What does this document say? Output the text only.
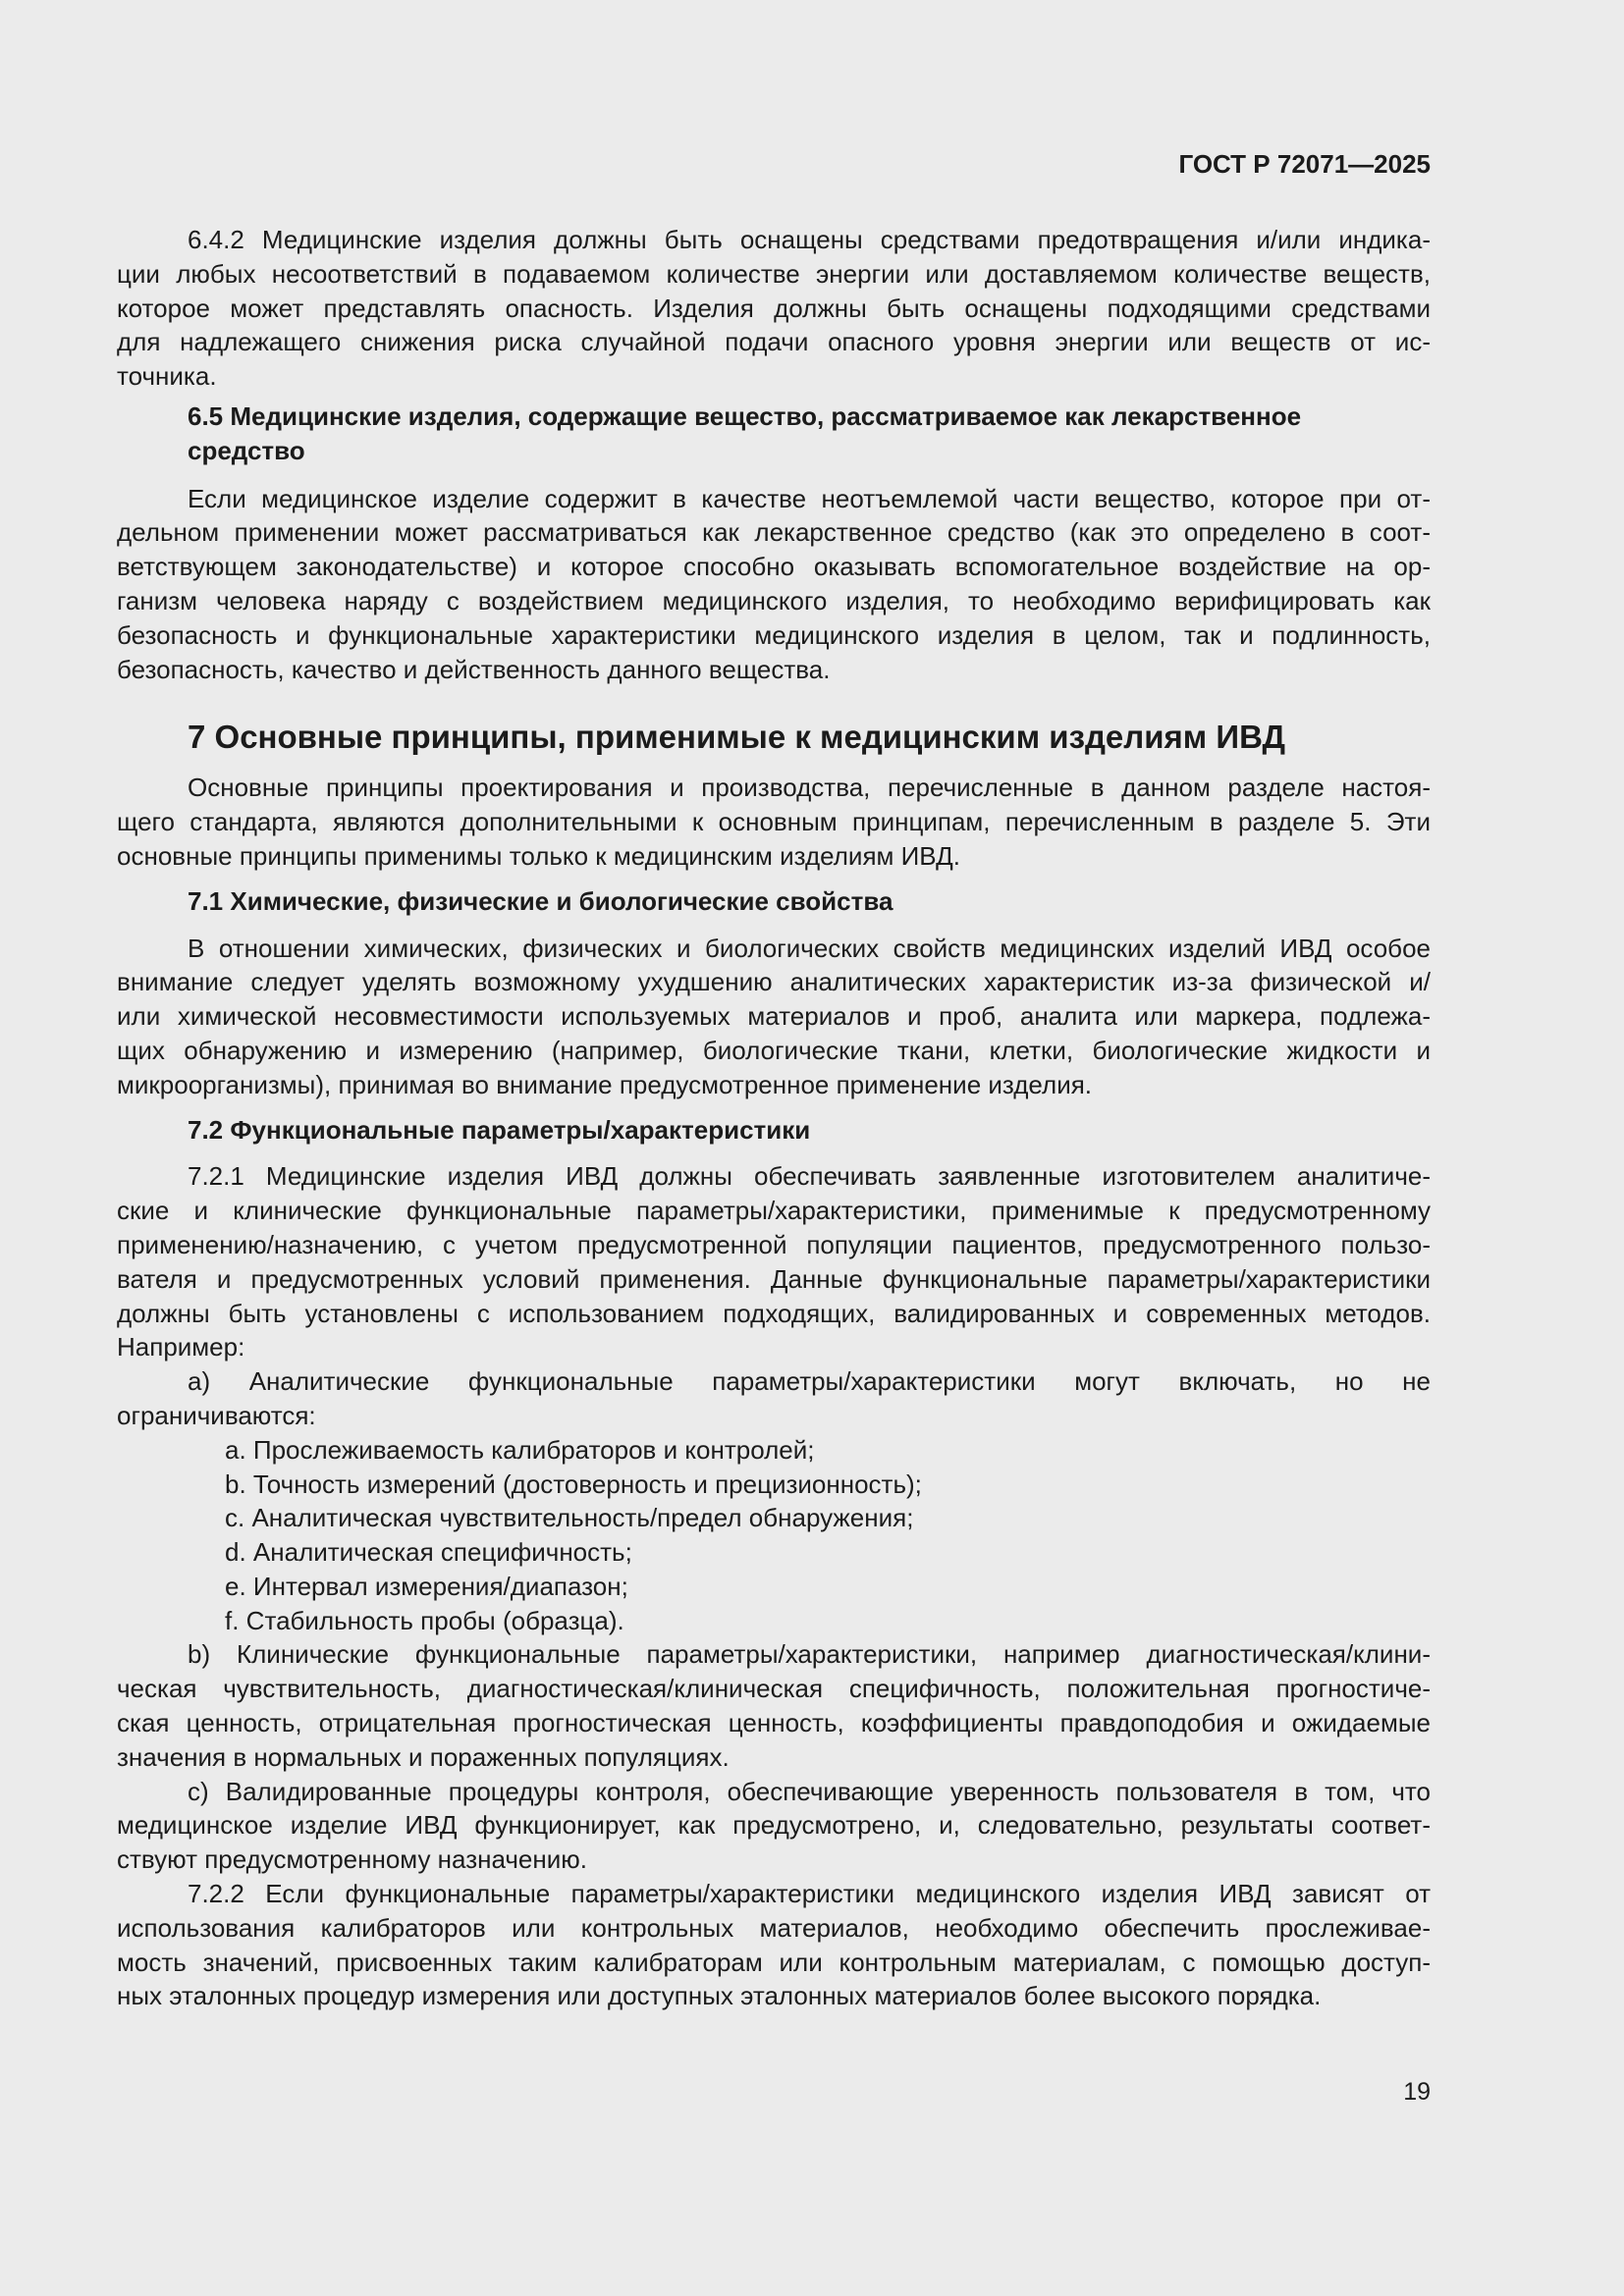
ГОСТ Р 72071—2025
6.4.2 Медицинские изделия должны быть оснащены средствами предотвращения и/или индика-
ции любых несоответствий в подаваемом количестве энергии или доставляемом количестве веществ,
которое может представлять опасность. Изделия должны быть оснащены подходящими средствами
для надлежащего снижения риска случайной подачи опасного уровня энергии или веществ от ис-
точника.
6.5 Медицинские изделия, содержащие вещество, рассматриваемое как лекарственное
средство
Если медицинское изделие содержит в качестве неотъемлемой части вещество, которое при от-
дельном применении может рассматриваться как лекарственное средство (как это определено в соот-
ветствующем законодательстве) и которое способно оказывать вспомогательное воздействие на ор-
ганизм человека наряду с воздействием медицинского изделия, то необходимо верифицировать как
безопасность и функциональные характеристики медицинского изделия в целом, так и подлинность,
безопасность, качество и действенность данного вещества.
7 Основные принципы, применимые к медицинским изделиям ИВД
Основные принципы проектирования и производства, перечисленные в данном разделе настоя-
щего стандарта, являются дополнительными к основным принципам, перечисленным в разделе 5. Эти
основные принципы применимы только к медицинским изделиям ИВД.
7.1 Химические, физические и биологические свойства
В отношении химических, физических и биологических свойств медицинских изделий ИВД особое
внимание следует уделять возможному ухудшению аналитических характеристик из-за физической и/
или химической несовместимости используемых материалов и проб, аналита или маркера, подлежа-
щих обнаружению и измерению (например, биологические ткани, клетки, биологические жидкости и
микроорганизмы), принимая во внимание предусмотренное применение изделия.
7.2 Функциональные параметры/характеристики
7.2.1 Медицинские изделия ИВД должны обеспечивать заявленные изготовителем аналитиче-
ские и клинические функциональные параметры/характеристики, применимые к предусмотренному
применению/назначению, с учетом предусмотренной популяции пациентов, предусмотренного пользо-
вателя и предусмотренных условий применения. Данные функциональные параметры/характеристики
должны быть установлены с использованием подходящих, валидированных и современных методов.
Например:
a) Аналитические функциональные параметры/характеристики могут включать, но не
ограничиваются:
a. Прослеживаемость калибраторов и контролей;
b. Точность измерений (достоверность и прецизионность);
c. Аналитическая чувствительность/предел обнаружения;
d. Аналитическая специфичность;
e. Интервал измерения/диапазон;
f. Стабильность пробы (образца).
b) Клинические функциональные параметры/характеристики, например диагностическая/клини-
ческая чувствительность, диагностическая/клиническая специфичность, положительная прогностиче-
ская ценность, отрицательная прогностическая ценность, коэффициенты правдоподобия и ожидаемые
значения в нормальных и пораженных популяциях.
c) Валидированные процедуры контроля, обеспечивающие уверенность пользователя в том, что
медицинское изделие ИВД функционирует, как предусмотрено, и, следовательно, результаты соответ-
ствуют предусмотренному назначению.
7.2.2 Если функциональные параметры/характеристики медицинского изделия ИВД зависят от
использования калибраторов или контрольных материалов, необходимо обеспечить прослеживае-
мость значений, присвоенных таким калибраторам или контрольным материалам, с помощью доступ-
ных эталонных процедур измерения или доступных эталонных материалов более высокого порядка.
19
